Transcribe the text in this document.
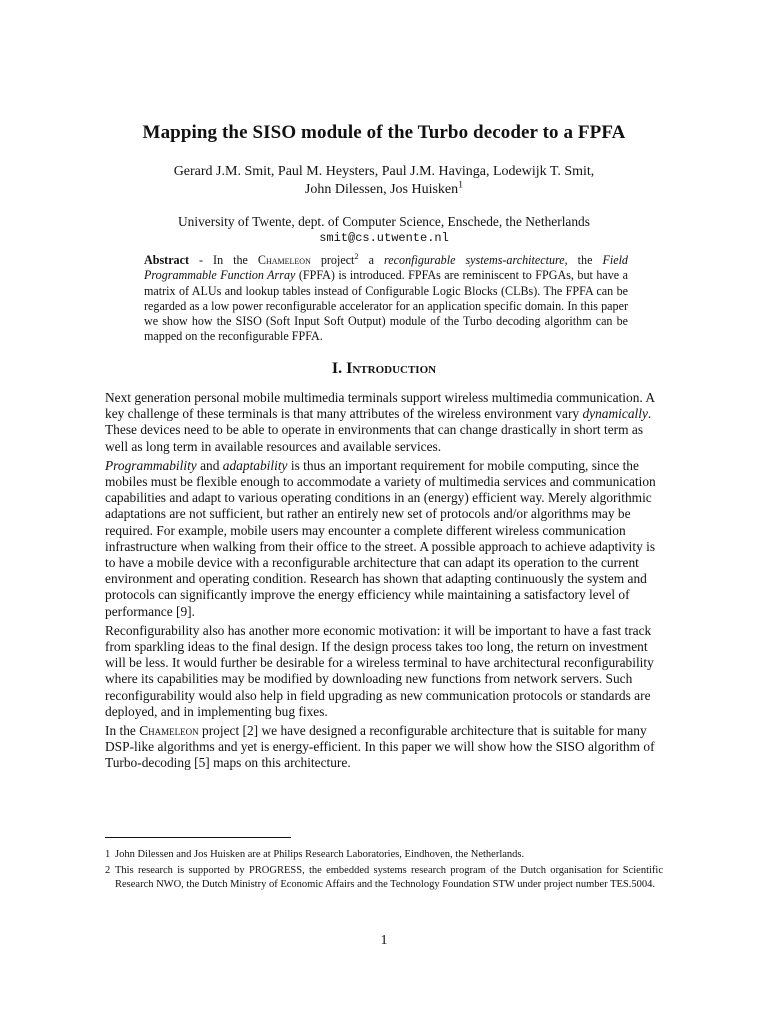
Mapping the SISO module of the Turbo decoder to a FPFA
Gerard J.M. Smit, Paul M. Heysters, Paul J.M. Havinga, Lodewijk T. Smit,
John Dilessen, Jos Huisken$^1$
University of Twente, dept. of Computer Science, Enschede, the Netherlands
smit@cs.utwente.nl
Abstract - In the Chameleon project$^2$ a reconfigurable systems-architecture, the Field Programmable Function Array (FPFA) is introduced. FPFAs are reminiscent to FPGAs, but have a matrix of ALUs and lookup tables instead of Configurable Logic Blocks (CLBs). The FPFA can be regarded as a low power reconfigurable accelerator for an application specific domain. In this paper we show how the SISO (Soft Input Soft Output) module of the Turbo decoding algorithm can be mapped on the reconfigurable FPFA.
I. Introduction

Next generation personal mobile multimedia terminals support wireless multimedia communication. A key challenge of these terminals is that many attributes of the wireless environment vary dynamically. These devices need to be able to operate in environments that can change drastically in short term as well as long term in available resources and available services.

Programmability and adaptability is thus an important requirement for mobile computing, since the mobiles must be flexible enough to accommodate a variety of multimedia services and communication capabilities and adapt to various operating conditions in an (energy) efficient way. Merely algorithmic adaptations are not sufficient, but rather an entirely new set of protocols and/or algorithms may be required. For example, mobile users may encounter a complete different wireless communication infrastructure when walking from their office to the street. A possible approach to achieve adaptivity is to have a mobile device with a reconfigurable architecture that can adapt its operation to the current environment and operating condition. Research has shown that adapting continuously the system and protocols can significantly improve the energy efficiency while maintaining a satisfactory level of performance [9].

Reconfigurability also has another more economic motivation: it will be important to have a fast track from sparkling ideas to the final design. If the design process takes too long, the return on investment will be less. It would further be desirable for a wireless terminal to have architectural reconfigurability where its capabilities may be modified by downloading new functions from network servers. Such reconfigurability would also help in field upgrading as new communication protocols or standards are deployed, and in implementing bug fixes.

In the Chameleon project [2] we have designed a reconfigurable architecture that is suitable for many DSP-like algorithms and yet is energy-efficient. In this paper we will show how the SISO algorithm of Turbo-decoding [5] maps on this architecture.

1 John Dilessen and Jos Huisken are at Philips Research Laboratories, Eindhoven, the Netherlands.
2 This research is supported by PROGRESS, the embedded systems research program of the Dutch organisation for Scientific Research NWO, the Dutch Ministry of Economic Affairs and the Technology Foundation STW under project number TES.5004.
1
